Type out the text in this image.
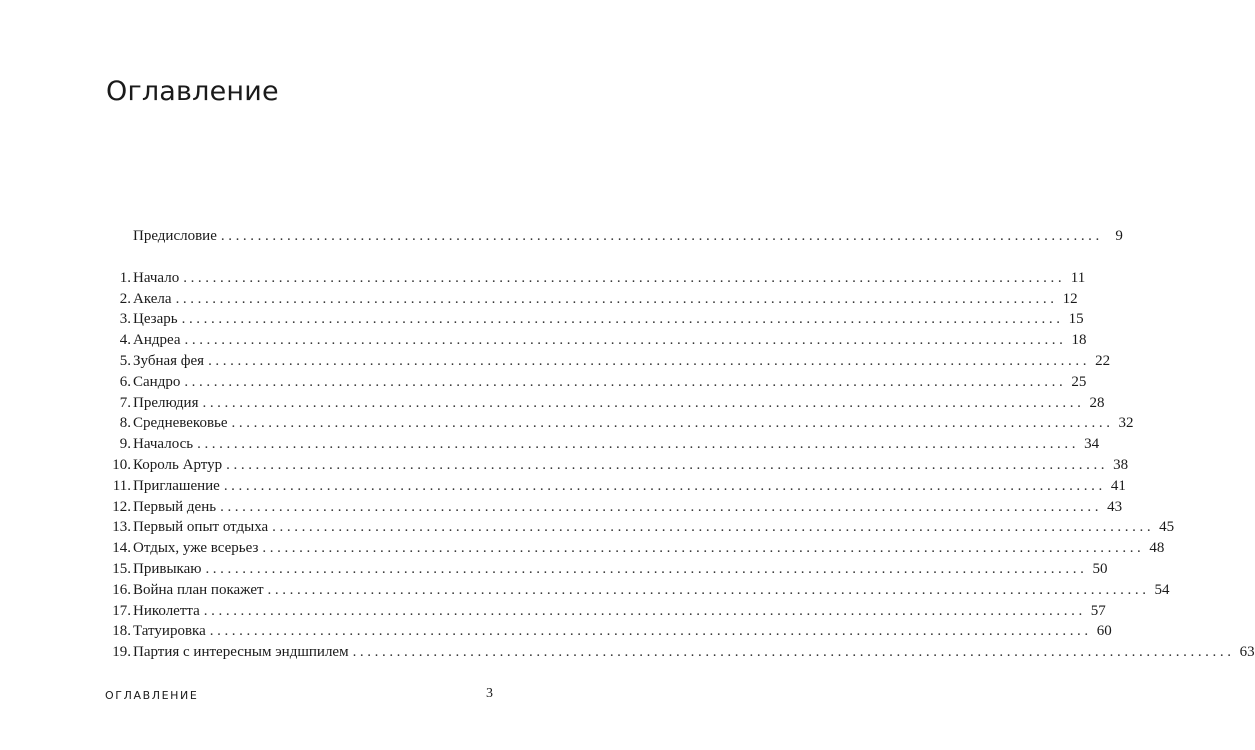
Оглавление
Предисловие ........................................................................................................................ 9
1. Начало ........................................................................................................................ 11
2. Акела ........................................................................................................................ 12
3. Цезарь ........................................................................................................................ 15
4. Андреа ........................................................................................................................ 18
5. Зубная фея ........................................................................................................................ 22
6. Сандро ........................................................................................................................ 25
7. Прелюдия ........................................................................................................................ 28
8. Средневековье ........................................................................................................................ 32
9. Началось ........................................................................................................................ 34
10. Король Артур ........................................................................................................................ 38
11. Приглашение ........................................................................................................................ 41
12. Первый день ........................................................................................................................ 43
13. Первый опыт отдыха ........................................................................................................................ 45
14. Отдых, уже всерьез ........................................................................................................................ 48
15. Привыкаю ........................................................................................................................ 50
16. Война план покажет ........................................................................................................................ 54
17. Николетта ........................................................................................................................ 57
18. Татуировка ........................................................................................................................ 60
19. Партия с интересным эндшпилем ........................................................................................................................ 63
ОГЛАВЛЕНИЕ	3
